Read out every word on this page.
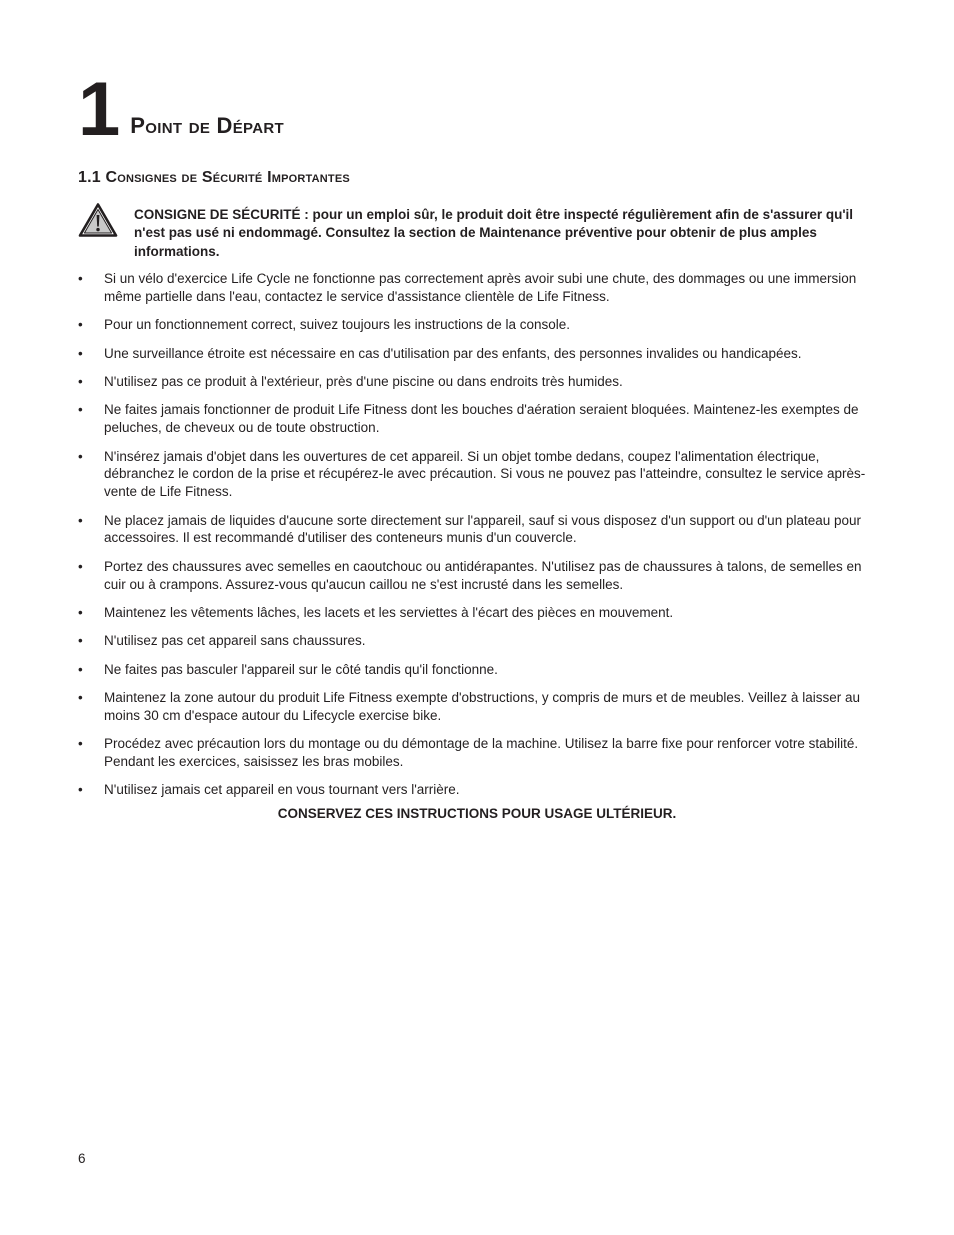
1 Point de Départ
1.1 Consignes de Sécurité Importantes
CONSIGNE DE SÉCURITÉ : pour un emploi sûr, le produit doit être inspecté régulièrement afin de s'assurer qu'il n'est pas usé ni endommagé. Consultez la section de Maintenance préventive pour obtenir de plus amples informations.
•	Si un vélo d'exercice Life Cycle ne fonctionne pas correctement après avoir subi une chute, des dommages ou une immersion même partielle dans l'eau, contactez le service d'assistance clientèle de Life Fitness.
•	Pour un fonctionnement correct, suivez toujours les instructions de la console.
•	Une surveillance étroite est nécessaire en cas d'utilisation par des enfants, des personnes invalides ou handicapées.
•	N'utilisez pas ce produit à l'extérieur, près d'une piscine ou dans endroits très humides.
•	Ne faites jamais fonctionner de produit Life Fitness dont les bouches d'aération seraient bloquées. Maintenez-les exemptes de peluches, de cheveux ou de toute obstruction.
•	N'insérez jamais d'objet dans les ouvertures de cet appareil. Si un objet tombe dedans, coupez l'alimentation électrique, débranchez le cordon de la prise et récupérez-le avec précaution. Si vous ne pouvez pas l'atteindre, consultez le service après-vente de Life Fitness.
•	Ne placez jamais de liquides d'aucune sorte directement sur l'appareil, sauf si vous disposez d'un support ou d'un plateau pour accessoires. Il est recommandé d'utiliser des conteneurs munis d'un couvercle.
•	Portez des chaussures avec semelles en caoutchouc ou antidérapantes. N'utilisez pas de chaussures à talons, de semelles en cuir ou à crampons. Assurez-vous qu'aucun caillou ne s'est incrusté dans les semelles.
•	Maintenez les vêtements lâches, les lacets et les serviettes à l'écart des pièces en mouvement.
•	N'utilisez pas cet appareil sans chaussures.
•	Ne faites pas basculer l'appareil sur le côté tandis qu'il fonctionne.
•	Maintenez la zone autour du produit Life Fitness exempte d'obstructions, y compris de murs et de meubles. Veillez à laisser au moins 30 cm d'espace autour du Lifecycle exercise bike.
•	Procédez avec précaution lors du montage ou du démontage de la machine. Utilisez la barre fixe pour renforcer votre stabilité. Pendant les exercices, saisissez les bras mobiles.
•	N'utilisez jamais cet appareil en vous tournant vers l'arrière.
CONSERVEZ CES INSTRUCTIONS POUR USAGE ULTÉRIEUR.
6
